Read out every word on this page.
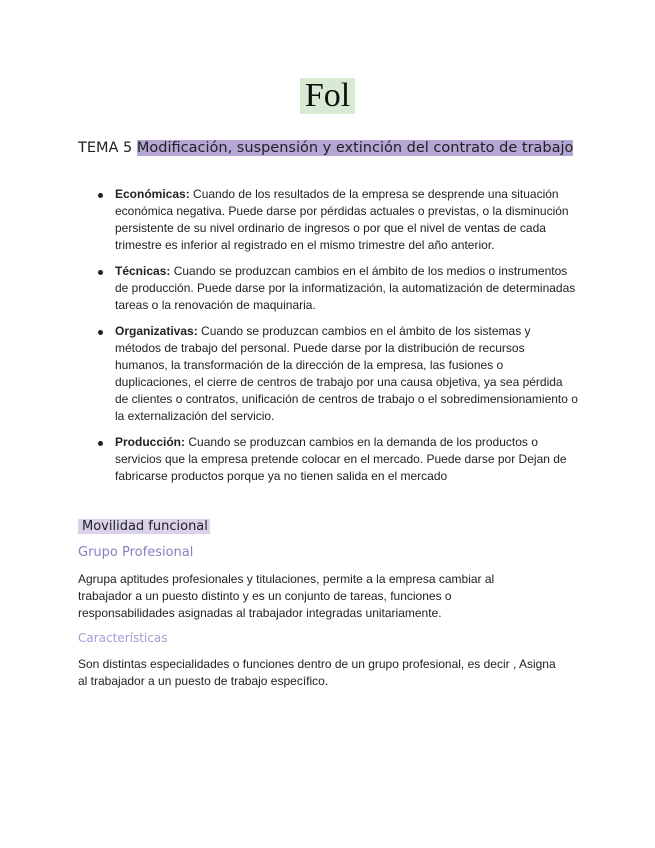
Fol
TEMA 5 Modificación, suspensión y extinción del contrato de trabajo
Económicas: Cuando de los resultados de la empresa se desprende una situación económica negativa. Puede darse por pérdidas actuales o previstas, o la disminución persistente de su nivel ordinario de ingresos o por que el nivel de ventas de cada trimestre es inferior al registrado en el mismo trimestre del año anterior.
Técnicas: Cuando se produzcan cambios en el ámbito de los medios o instrumentos de producción. Puede darse por la informatización, la automatización de determinadas tareas o la renovación de maquinaria.
Organizativas: Cuando se produzcan cambios en el ámbito de los sistemas y métodos de trabajo del personal. Puede darse por la distribución de recursos humanos, la transformación de la dirección de la empresa, las fusiones o duplicaciones, el cierre de centros de trabajo por una causa objetiva, ya sea pérdida de clientes o contratos, unificación de centros de trabajo o el sobredimensionamiento o la externalización del servicio.
Producción: Cuando se produzcan cambios en la demanda de los productos o servicios que la empresa pretende colocar en el mercado. Puede darse por Dejan de fabricarse productos porque ya no tienen salida en el mercado
Movilidad funcional
Grupo Profesional

Agrupa aptitudes profesionales y titulaciones, permite a la empresa cambiar al trabajador a un puesto distinto y es un conjunto de tareas, funciones o responsabilidades asignadas al trabajador integradas unitariamente.

Características

Son distintas especialidades o funciones dentro de un grupo profesional, es decir , Asigna al trabajador a un puesto de trabajo específico.
